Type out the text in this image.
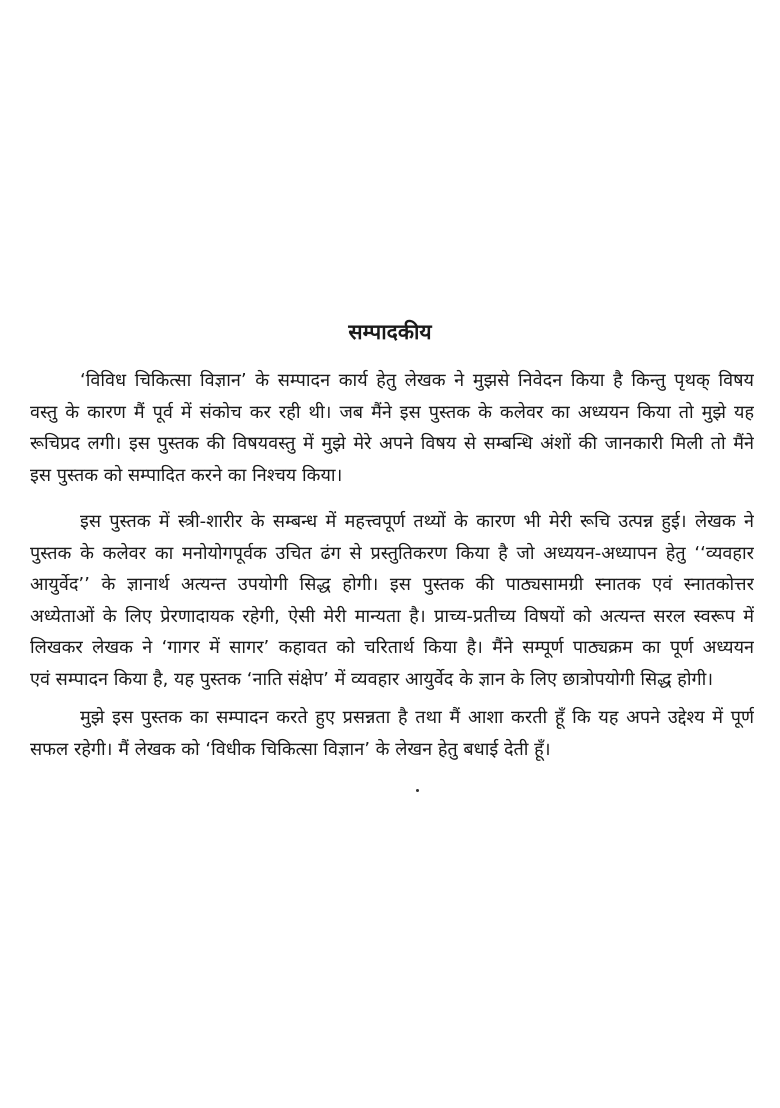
सम्पादकीय
‘विविध चिकित्सा विज्ञान’ के सम्पादन कार्य हेतु लेखक ने मुझसे निवेदन किया है किन्तु पृथक् विषय
वस्तु के कारण मैं पूर्व में संकोच कर रही थी। जब मैंने इस पुस्तक के कलेवर का अध्ययन किया तो मुझे यह
रूचिप्रद लगी। इस पुस्तक की विषयवस्तु में मुझे मेरे अपने विषय से सम्बन्धि अंशों की जानकारी मिली तो मैंने
इस पुस्तक को सम्पादित करने का निश्चय किया।
इस पुस्तक में स्त्री-शारीर के सम्बन्ध में महत्त्वपूर्ण तथ्यों के कारण भी मेरी रूचि उत्पन्न हुई। लेखक ने
पुस्तक के कलेवर का मनोयोगपूर्वक उचित ढंग से प्रस्तुतिकरण किया है जो अध्ययन-अध्यापन हेतु ‘‘व्यवहार
आयुर्वेद’’ के ज्ञानार्थ अत्यन्त उपयोगी सिद्ध होगी। इस पुस्तक की पाठ्यसामग्री स्नातक एवं स्नातकोत्तर
अध्येताओं के लिए प्रेरणादायक रहेगी, ऐसी मेरी मान्यता है। प्राच्य-प्रतीच्य विषयों को अत्यन्त सरल स्वरूप में
लिखकर लेखक ने ‘गागर में सागर’ कहावत को चरितार्थ किया है। मैंने सम्पूर्ण पाठ्यक्रम का पूर्ण अध्ययन
एवं सम्पादन किया है, यह पुस्तक ‘नाति संक्षेप’ में व्यवहार आयुर्वेद के ज्ञान के लिए छात्रोपयोगी सिद्ध होगी।
मुझे इस पुस्तक का सम्पादन करते हुए प्रसन्नता है तथा मैं आशा करती हूँ कि यह अपने उद्देश्य में पूर्ण
सफल रहेगी। मैं लेखक को ‘विधीक चिकित्सा विज्ञान’ के लेखन हेतु बधाई देती हूँ।
